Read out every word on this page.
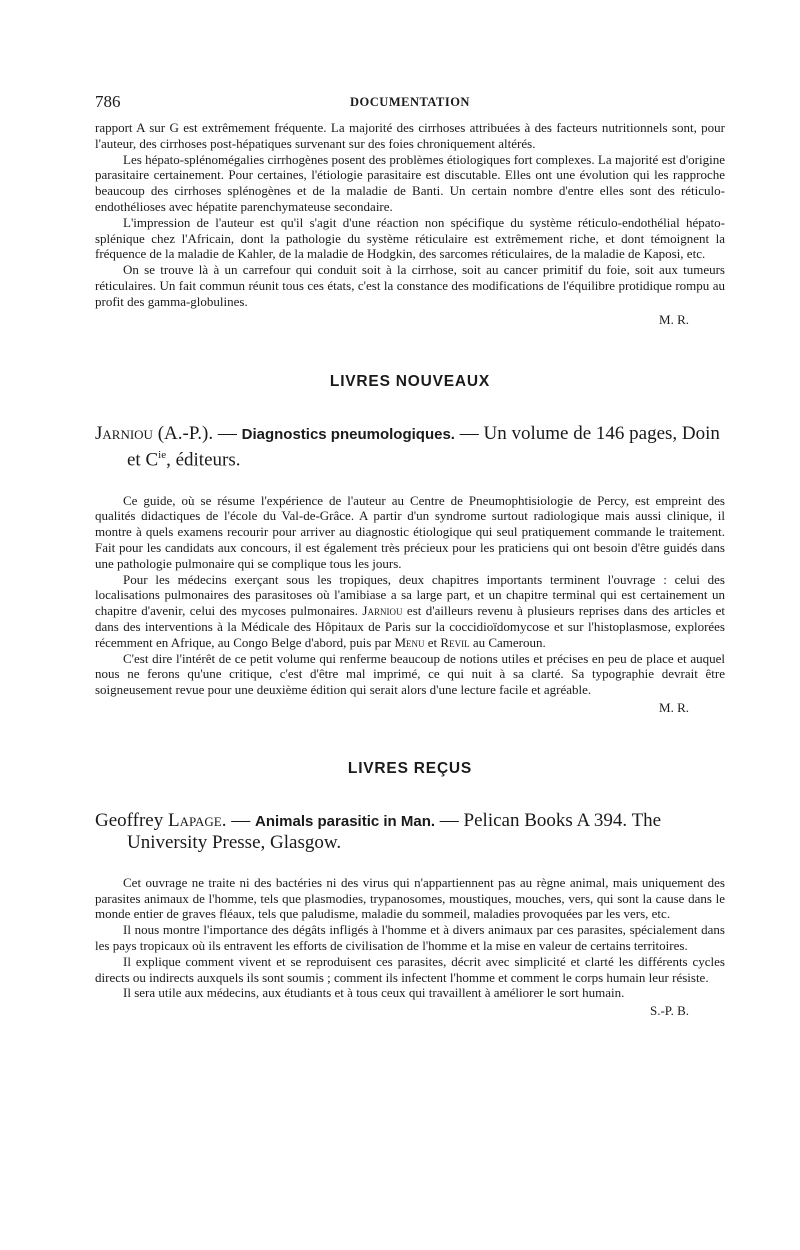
786	DOCUMENTATION

rapport A sur G est extrêmement fréquente. La majorité des cirrhoses attribuées à des facteurs nutritionnels sont, pour l'auteur, des cirrhoses post-hépatiques survenant sur des foies chroniquement altérés.

Les hépato-splénomégalies cirrhogènes posent des problèmes étiologiques fort complexes. La majorité est d'origine parasitaire certainement. Pour certaines, l'étiologie parasitaire est discutable. Elles ont une évolution qui les rapproche beaucoup des cirrhoses splénogènes et de la maladie de Banti. Un certain nombre d'entre elles sont des réticulo-endothélioses avec hépatite parenchymateuse secondaire.

L'impression de l'auteur est qu'il s'agit d'une réaction non spécifique du système réticulo-endothélial hépato-splénique chez l'Africain, dont la pathologie du système réticulaire est extrêmement riche, et dont témoignent la fréquence de la maladie de Kahler, de la maladie de Hodgkin, des sarcomes réticulaires, de la maladie de Kaposi, etc.

On se trouve là à un carrefour qui conduit soit à la cirrhose, soit au cancer primitif du foie, soit aux tumeurs réticulaires. Un fait commun réunit tous ces états, c'est la constance des modifications de l'équilibre protidique rompu au profit des gamma-globulines.

M. R.
LIVRES NOUVEAUX
Jarniou (A.-P.). — Diagnostics pneumologiques. — Un volume de 146 pages, Doin et $C^{ie}$, éditeurs.

Ce guide, où se résume l'expérience de l'auteur au Centre de Pneumophtisiologie de Percy, est empreint des qualités didactiques de l'école du Val-de-Grâce. A partir d'un syndrome surtout radiologique mais aussi clinique, il montre à quels examens recourir pour arriver au diagnostic étiologique qui seul pratiquement commande le traitement. Fait pour les candidats aux concours, il est également très précieux pour les praticiens qui ont besoin d'être guidés dans une pathologie pulmonaire qui se complique tous les jours.

Pour les médecins exerçant sous les tropiques, deux chapitres importants terminent l'ouvrage : celui des localisations pulmonaires des parasitoses où l'amibiase a sa large part, et un chapitre terminal qui est certainement un chapitre d'avenir, celui des mycoses pulmonaires. Jarniou est d'ailleurs revenu à plusieurs reprises dans des articles et dans des interventions à la Médicale des Hôpitaux de Paris sur la coccidioïdomycose et sur l'histoplasmose, explorées récemment en Afrique, au Congo Belge d'abord, puis par Menu et Revil au Cameroun.

C'est dire l'intérêt de ce petit volume qui renferme beaucoup de notions utiles et précises en peu de place et auquel nous ne ferons qu'une critique, c'est d'être mal imprimé, ce qui nuit à sa clarté. Sa typographie devrait être soigneusement revue pour une deuxième édition qui serait alors d'une lecture facile et agréable.

M. R.
LIVRES REÇUS
Geoffrey Lapage. — Animals parasitic in Man. — Pelican Books A 394. The University Presse, Glasgow.

Cet ouvrage ne traite ni des bactéries ni des virus qui n'appartiennent pas au règne animal, mais uniquement des parasites animaux de l'homme, tels que plasmodies, trypanosomes, moustiques, mouches, vers, qui sont la cause dans le monde entier de graves fléaux, tels que paludisme, maladie du sommeil, maladies provoquées par les vers, etc.

Il nous montre l'importance des dégâts infligés à l'homme et à divers animaux par ces parasites, spécialement dans les pays tropicaux où ils entravent les efforts de civilisation de l'homme et la mise en valeur de certains territoires.

Il explique comment vivent et se reproduisent ces parasites, décrit avec simplicité et clarté les différents cycles directs ou indirects auxquels ils sont soumis ; comment ils infectent l'homme et comment le corps humain leur résiste.

Il sera utile aux médecins, aux étudiants et à tous ceux qui travaillent à améliorer le sort humain.

S.-P. B.
